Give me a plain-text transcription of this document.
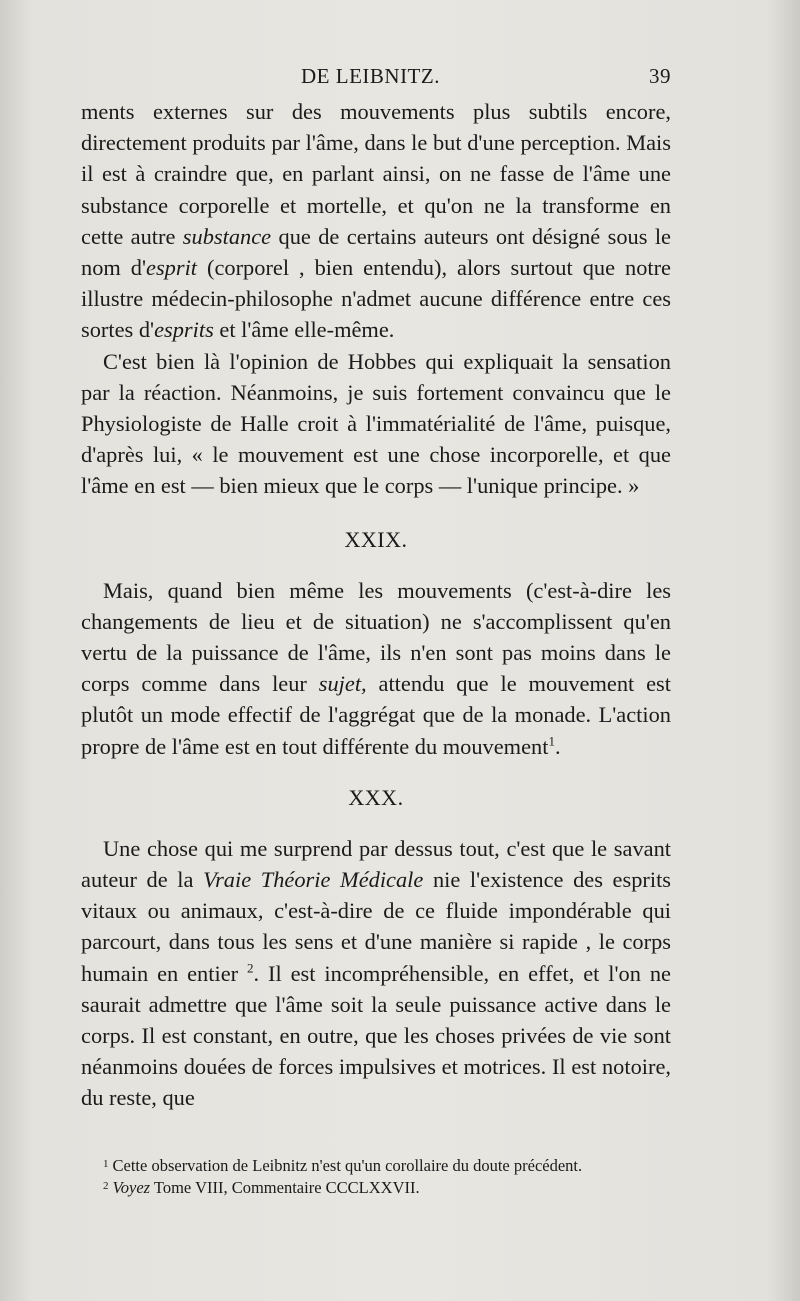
DE LEIBNITZ.	39

ments externes sur des mouvements plus subtils encore, directement produits par l'âme, dans le but d'une perception. Mais il est à craindre que, en parlant ainsi, on ne fasse de l'âme une substance corporelle et mortelle, et qu'on ne la transforme en cette autre substance que de certains auteurs ont désigné sous le nom d'esprit (corporel , bien entendu), alors surtout que notre illustre médecin-philosophe n'admet aucune différence entre ces sortes d'esprits et l'âme elle-même.

C'est bien là l'opinion de Hobbes qui expliquait la sensation par la réaction. Néanmoins, je suis fortement convaincu que le Physiologiste de Halle croit à l'immatérialité de l'âme, puisque, d'après lui, « le mouvement est une chose incorporelle, et que l'âme en est — bien mieux que le corps — l'unique principe. »

XXIX.

Mais, quand bien même les mouvements (c'est-à-dire les changements de lieu et de situation) ne s'accomplissent qu'en vertu de la puissance de l'âme, ils n'en sont pas moins dans le corps comme dans leur sujet, attendu que le mouvement est plutôt un mode effectif de l'aggrégat que de la monade. L'action propre de l'âme est en tout différente du mouvement$^1$.

XXX.

Une chose qui me surprend par dessus tout, c'est que le savant auteur de la Vraie Théorie Médicale nie l'existence des esprits vitaux ou animaux, c'est-à-dire de ce fluide impondérable qui parcourt, dans tous les sens et d'une manière si rapide , le corps humain en entier $^2$. Il est incompréhensible, en effet, et l'on ne saurait admettre que l'âme soit la seule puissance active dans le corps. Il est constant, en outre, que les choses privées de vie sont néanmoins douées de forces impulsives et motrices. Il est notoire, du reste, que

$^1$ Cette observation de Leibnitz n'est qu'un corollaire du doute précédent.
$^2$ Voyez Tome VIII, Commentaire CCCLXXVII.
